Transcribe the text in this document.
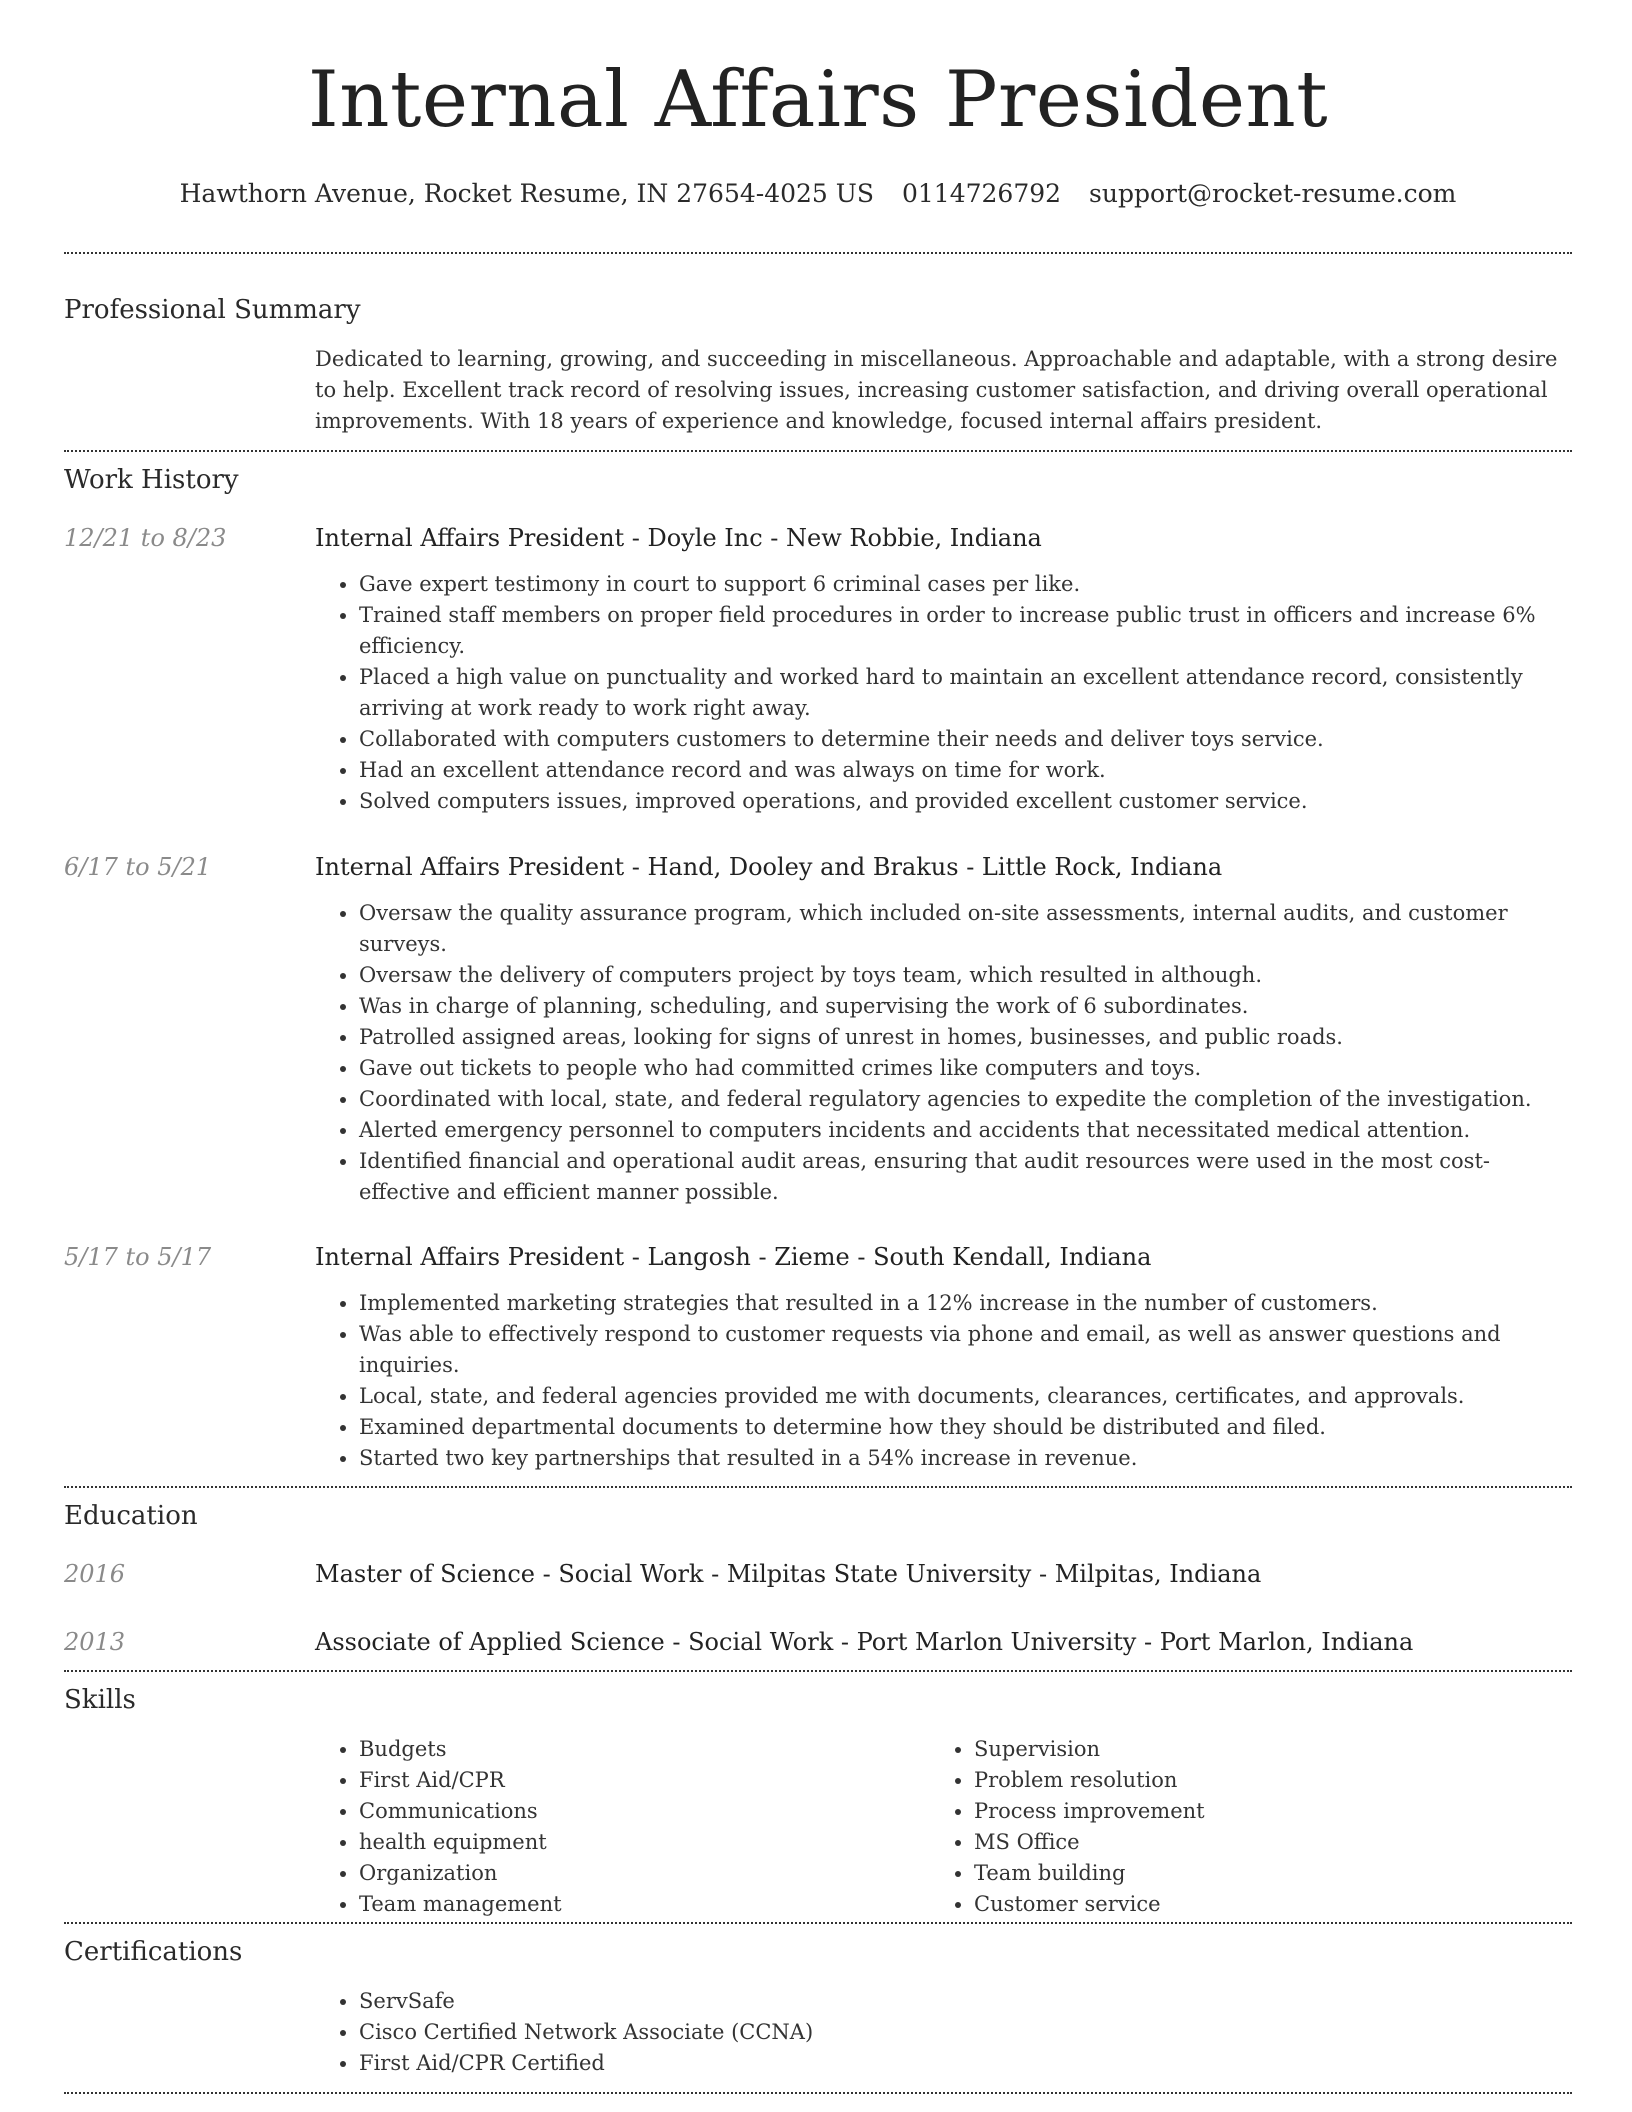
Internal Affairs President
Hawthorn Avenue, Rocket Resume, IN 27654-4025 US 0114726792 support@rocket-resume.com
Professional Summary
Dedicated to learning, growing, and succeeding in miscellaneous. Approachable and adaptable, with a strong desire to help. Excellent track record of resolving issues, increasing customer satisfaction, and driving overall operational improvements. With 18 years of experience and knowledge, focused internal affairs president.
Work History
12/21 to 8/23	Internal Affairs President - Doyle Inc - New Robbie, Indiana
• Gave expert testimony in court to support 6 criminal cases per like.
• Trained staff members on proper field procedures in order to increase public trust in officers and increase 6% efficiency.
• Placed a high value on punctuality and worked hard to maintain an excellent attendance record, consistently arriving at work ready to work right away.
• Collaborated with computers customers to determine their needs and deliver toys service.
• Had an excellent attendance record and was always on time for work.
• Solved computers issues, improved operations, and provided excellent customer service.
6/17 to 5/21	Internal Affairs President - Hand, Dooley and Brakus - Little Rock, Indiana
• Oversaw the quality assurance program, which included on-site assessments, internal audits, and customer surveys.
• Oversaw the delivery of computers project by toys team, which resulted in although.
• Was in charge of planning, scheduling, and supervising the work of 6 subordinates.
• Patrolled assigned areas, looking for signs of unrest in homes, businesses, and public roads.
• Gave out tickets to people who had committed crimes like computers and toys.
• Coordinated with local, state, and federal regulatory agencies to expedite the completion of the investigation.
• Alerted emergency personnel to computers incidents and accidents that necessitated medical attention.
• Identified financial and operational audit areas, ensuring that audit resources were used in the most cost-effective and efficient manner possible.
5/17 to 5/17	Internal Affairs President - Langosh - Zieme - South Kendall, Indiana
• Implemented marketing strategies that resulted in a 12% increase in the number of customers.
• Was able to effectively respond to customer requests via phone and email, as well as answer questions and inquiries.
• Local, state, and federal agencies provided me with documents, clearances, certificates, and approvals.
• Examined departmental documents to determine how they should be distributed and filed.
• Started two key partnerships that resulted in a 54% increase in revenue.
Education
2016	Master of Science - Social Work - Milpitas State University - Milpitas, Indiana
2013	Associate of Applied Science - Social Work - Port Marlon University - Port Marlon, Indiana
Skills
• Budgets
• First Aid/CPR
• Communications
• health equipment
• Organization
• Team management
• Supervision
• Problem resolution
• Process improvement
• MS Office
• Team building
• Customer service
Certifications
• ServSafe
• Cisco Certified Network Associate (CCNA)
• First Aid/CPR Certified
